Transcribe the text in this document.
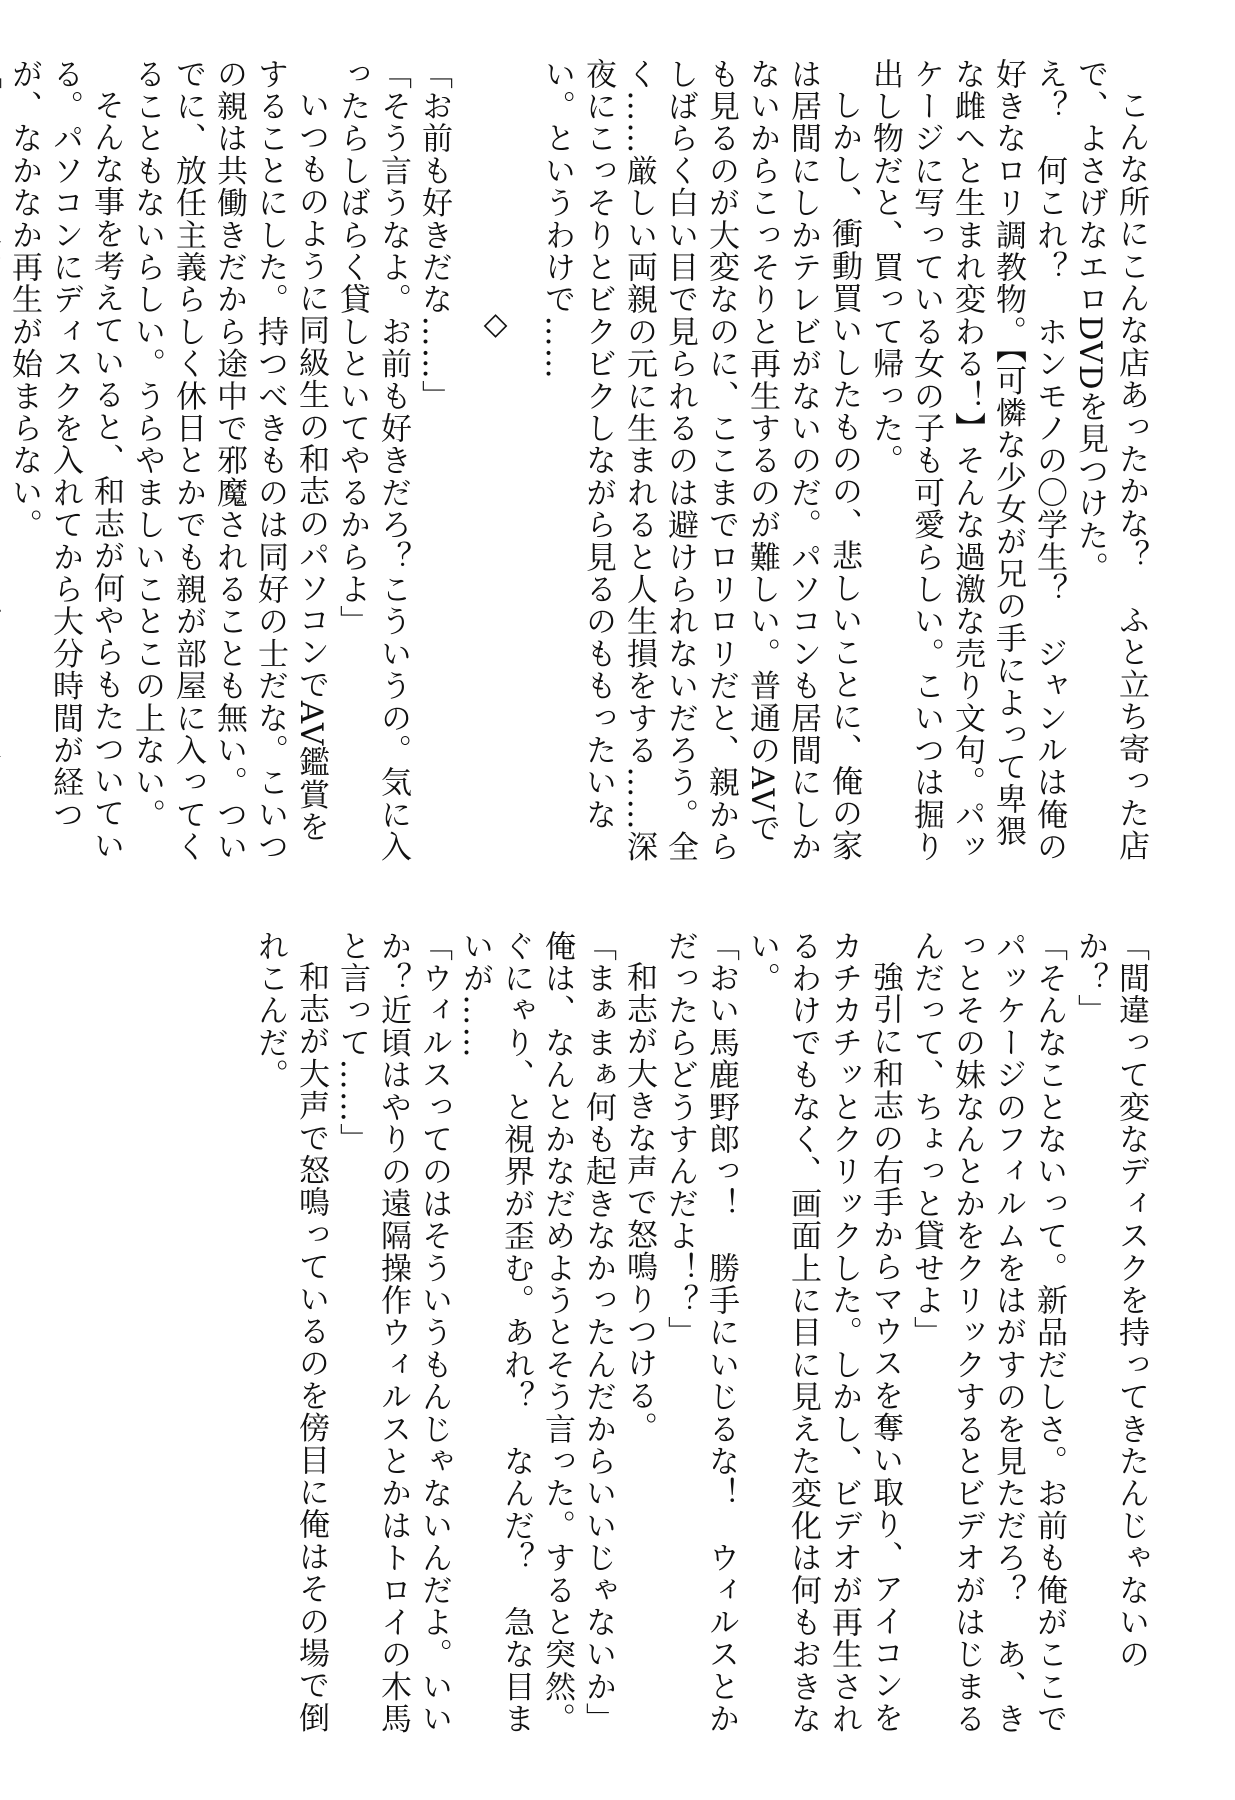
こんな所にこんな店あったかな？　ふと立ち寄った店で、よさげなエロDVDを見つけた。

え？　何これ？　ホンモノの〇学生？　ジャンルは俺の好きなロリ調教物。【可憐な少女が兄の手によって卑猥な雌へと生まれ変わる！】そんな過激な売り文句。パッケージに写っている女の子も可愛らしい。こいつは掘り出し物だと、買って帰った。

しかし、衝動買いしたものの、悲しいことに、俺の家は居間にしかテレビがないのだ。パソコンも居間にしかないからこっそりと再生するのが難しい。普通のAVでも見るのが大変なのに、ここまでロリロリだと、親からしばらく白い目で見られるのは避けられないだろう。全く……厳しい両親の元に生まれると人生損をする……深夜にこっそりとビクビクしながら見るのももったいない。というわけで……

◇

「お前も好きだな……」

「そう言うなよ。お前も好きだろ？こういうの。気に入ったらしばらく貸しといてやるからよ」

いつものように同級生の和志のパソコンでAV鑑賞をすることにした。持つべきものは同好の士だな。こいつの親は共働きだから途中で邪魔されることも無い。ついでに、放任主義らしく休日とかでも親が部屋に入ってくることもないらしい。うらやましいことこの上ない。

そんな事を考えていると、和志が何やらもたついている。パソコンにディスクを入れてから大分時間が経つが、なかなか再生が始まらない。

「間違って変なディスクを持ってきたんじゃないのか？」

「そんなことないって。新品だしさ。お前も俺がここでパッケージのフィルムをはがすのを見ただろ？　あ、きっとその妹なんとかをクリックするとビデオがはじまるんだって、ちょっと貸せよ」

強引に和志の右手からマウスを奪い取り、アイコンをカチカチッとクリックした。しかし、ビデオが再生されるわけでもなく、画面上に目に見えた変化は何もおきない。

「おい馬鹿野郎っ！　勝手にいじるな！　ウィルスとかだったらどうすんだよ！？」

和志が大きな声で怒鳴りつける。

「まぁまぁ何も起きなかったんだからいいじゃないか」

俺は、なんとかなだめようとそう言った。すると突然。ぐにゃり、と視界が歪む。あれ？　なんだ？　急な目まいが……

「ウィルスってのはそういうもんじゃないんだよ。いいか？近頃はやりの遠隔操作ウィルスとかはトロイの木馬と言って……」

和志が大声で怒鳴っているのを傍目に俺はその場で倒れこんだ。
